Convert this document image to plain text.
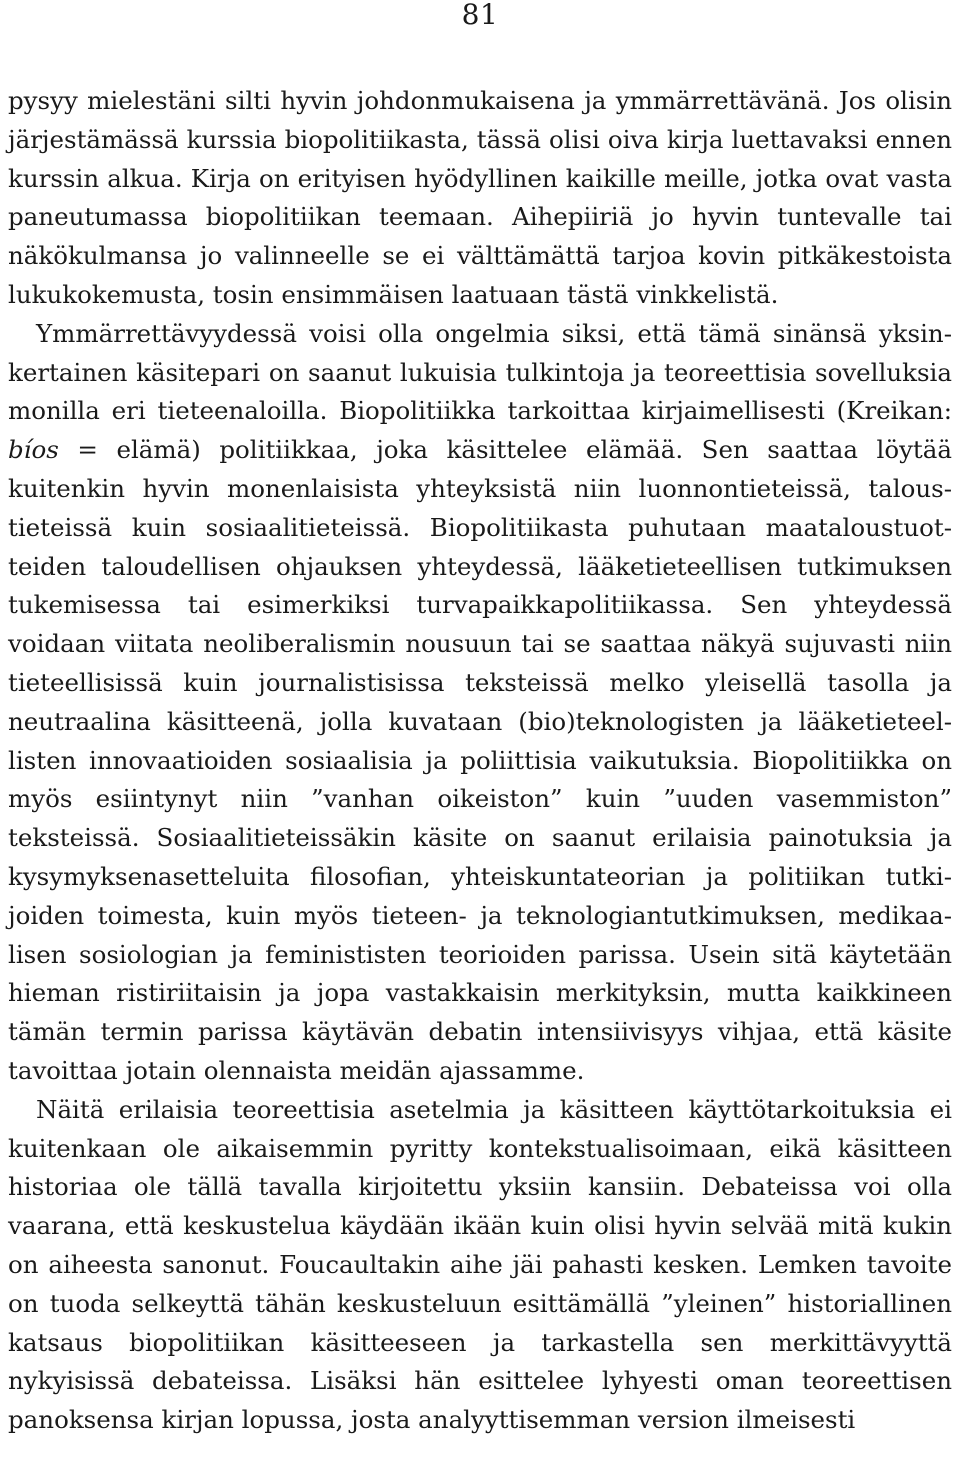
81

pysyy mielestäni silti hyvin johdonmukaisena ja ymmärrettävänä. Jos olisin järjestämässä kurssia biopolitiikasta, tässä olisi oiva kirja luettavaksi ennen kurssin alkua. Kirja on erityisen hyödyllinen kaikille meille, jotka ovat vasta paneutumassa biopolitiikan teemaan. Aihepiiriä jo hyvin tuntevalle tai näkökulmansa jo valinneelle se ei välttämättä tarjoa kovin pitkäkestoista lukukokemusta, tosin ensimmäisen laatuaan tästä vinkkelistä.

Ymmärrettävyydessä voisi olla ongelmia siksi, että tämä sinänsä yksinkertainen käsitepari on saanut lukuisia tulkintoja ja teoreettisia sovelluksia monilla eri tieteenaloilla. Biopolitiikka tarkoittaa kirjaimellisesti (Kreikan: bíos = elämä) politiikkaa, joka käsittelee elämää. Sen saattaa löytää kuitenkin hyvin monenlaisista yhteyksistä niin luonnontieteissä, taloustieteissä kuin sosiaalitieteissä. Biopolitiikasta puhutaan maataloustuotteiden taloudellisen ohjauksen yhteydessä, lääketieteellisen tutkimuksen tukemisessa tai esimerkiksi turvapaikkapolitiikassa. Sen yhteydessä voidaan viitata neoliberalismin nousuun tai se saattaa näkyä sujuvasti niin tieteellisissä kuin journalistisissa teksteissä melko yleisellä tasolla ja neutraalina käsitteenä, jolla kuvataan (bio)teknologisten ja lääketieteellisten innovaatioiden sosiaalisia ja poliittisia vaikutuksia. Biopolitiikka on myös esiintynyt niin ”vanhan oikeiston” kuin ”uuden vasemmiston” teksteissä. Sosiaalitieteissäkin käsite on saanut erilaisia painotuksia ja kysymyksenasetteluita filosofian, yhteiskuntateorian ja politiikan tutkijoiden toimesta, kuin myös tieteen- ja teknologiantutkimuksen, medikaalisen sosiologian ja feminististen teorioiden parissa. Usein sitä käytetään hieman ristiriitaisin ja jopa vastakkaisin merkityksin, mutta kaikkineen tämän termin parissa käytävän debatin intensiivisyys vihjaa, että käsite tavoittaa jotain olennaista meidän ajassamme.

Näitä erilaisia teoreettisia asetelmia ja käsitteen käyttötarkoituksia ei kuitenkaan ole aikaisemmin pyritty kontekstualisoimaan, eikä käsitteen historiaa ole tällä tavalla kirjoitettu yksiin kansiin. Debateissa voi olla vaarana, että keskustelua käydään ikään kuin olisi hyvin selvää mitä kukin on aiheesta sanonut. Foucaultakin aihe jäi pahasti kesken. Lemken tavoite on tuoda selkeyttä tähän keskusteluun esittämällä ”yleinen” historiallinen katsaus biopolitiikan käsitteeseen ja tarkastella sen merkittävyyttä nykyisissä debateissa. Lisäksi hän esittelee lyhyesti oman teoreettisen panoksensa kirjan lopussa, josta analyyttisemman version ilmeisesti
